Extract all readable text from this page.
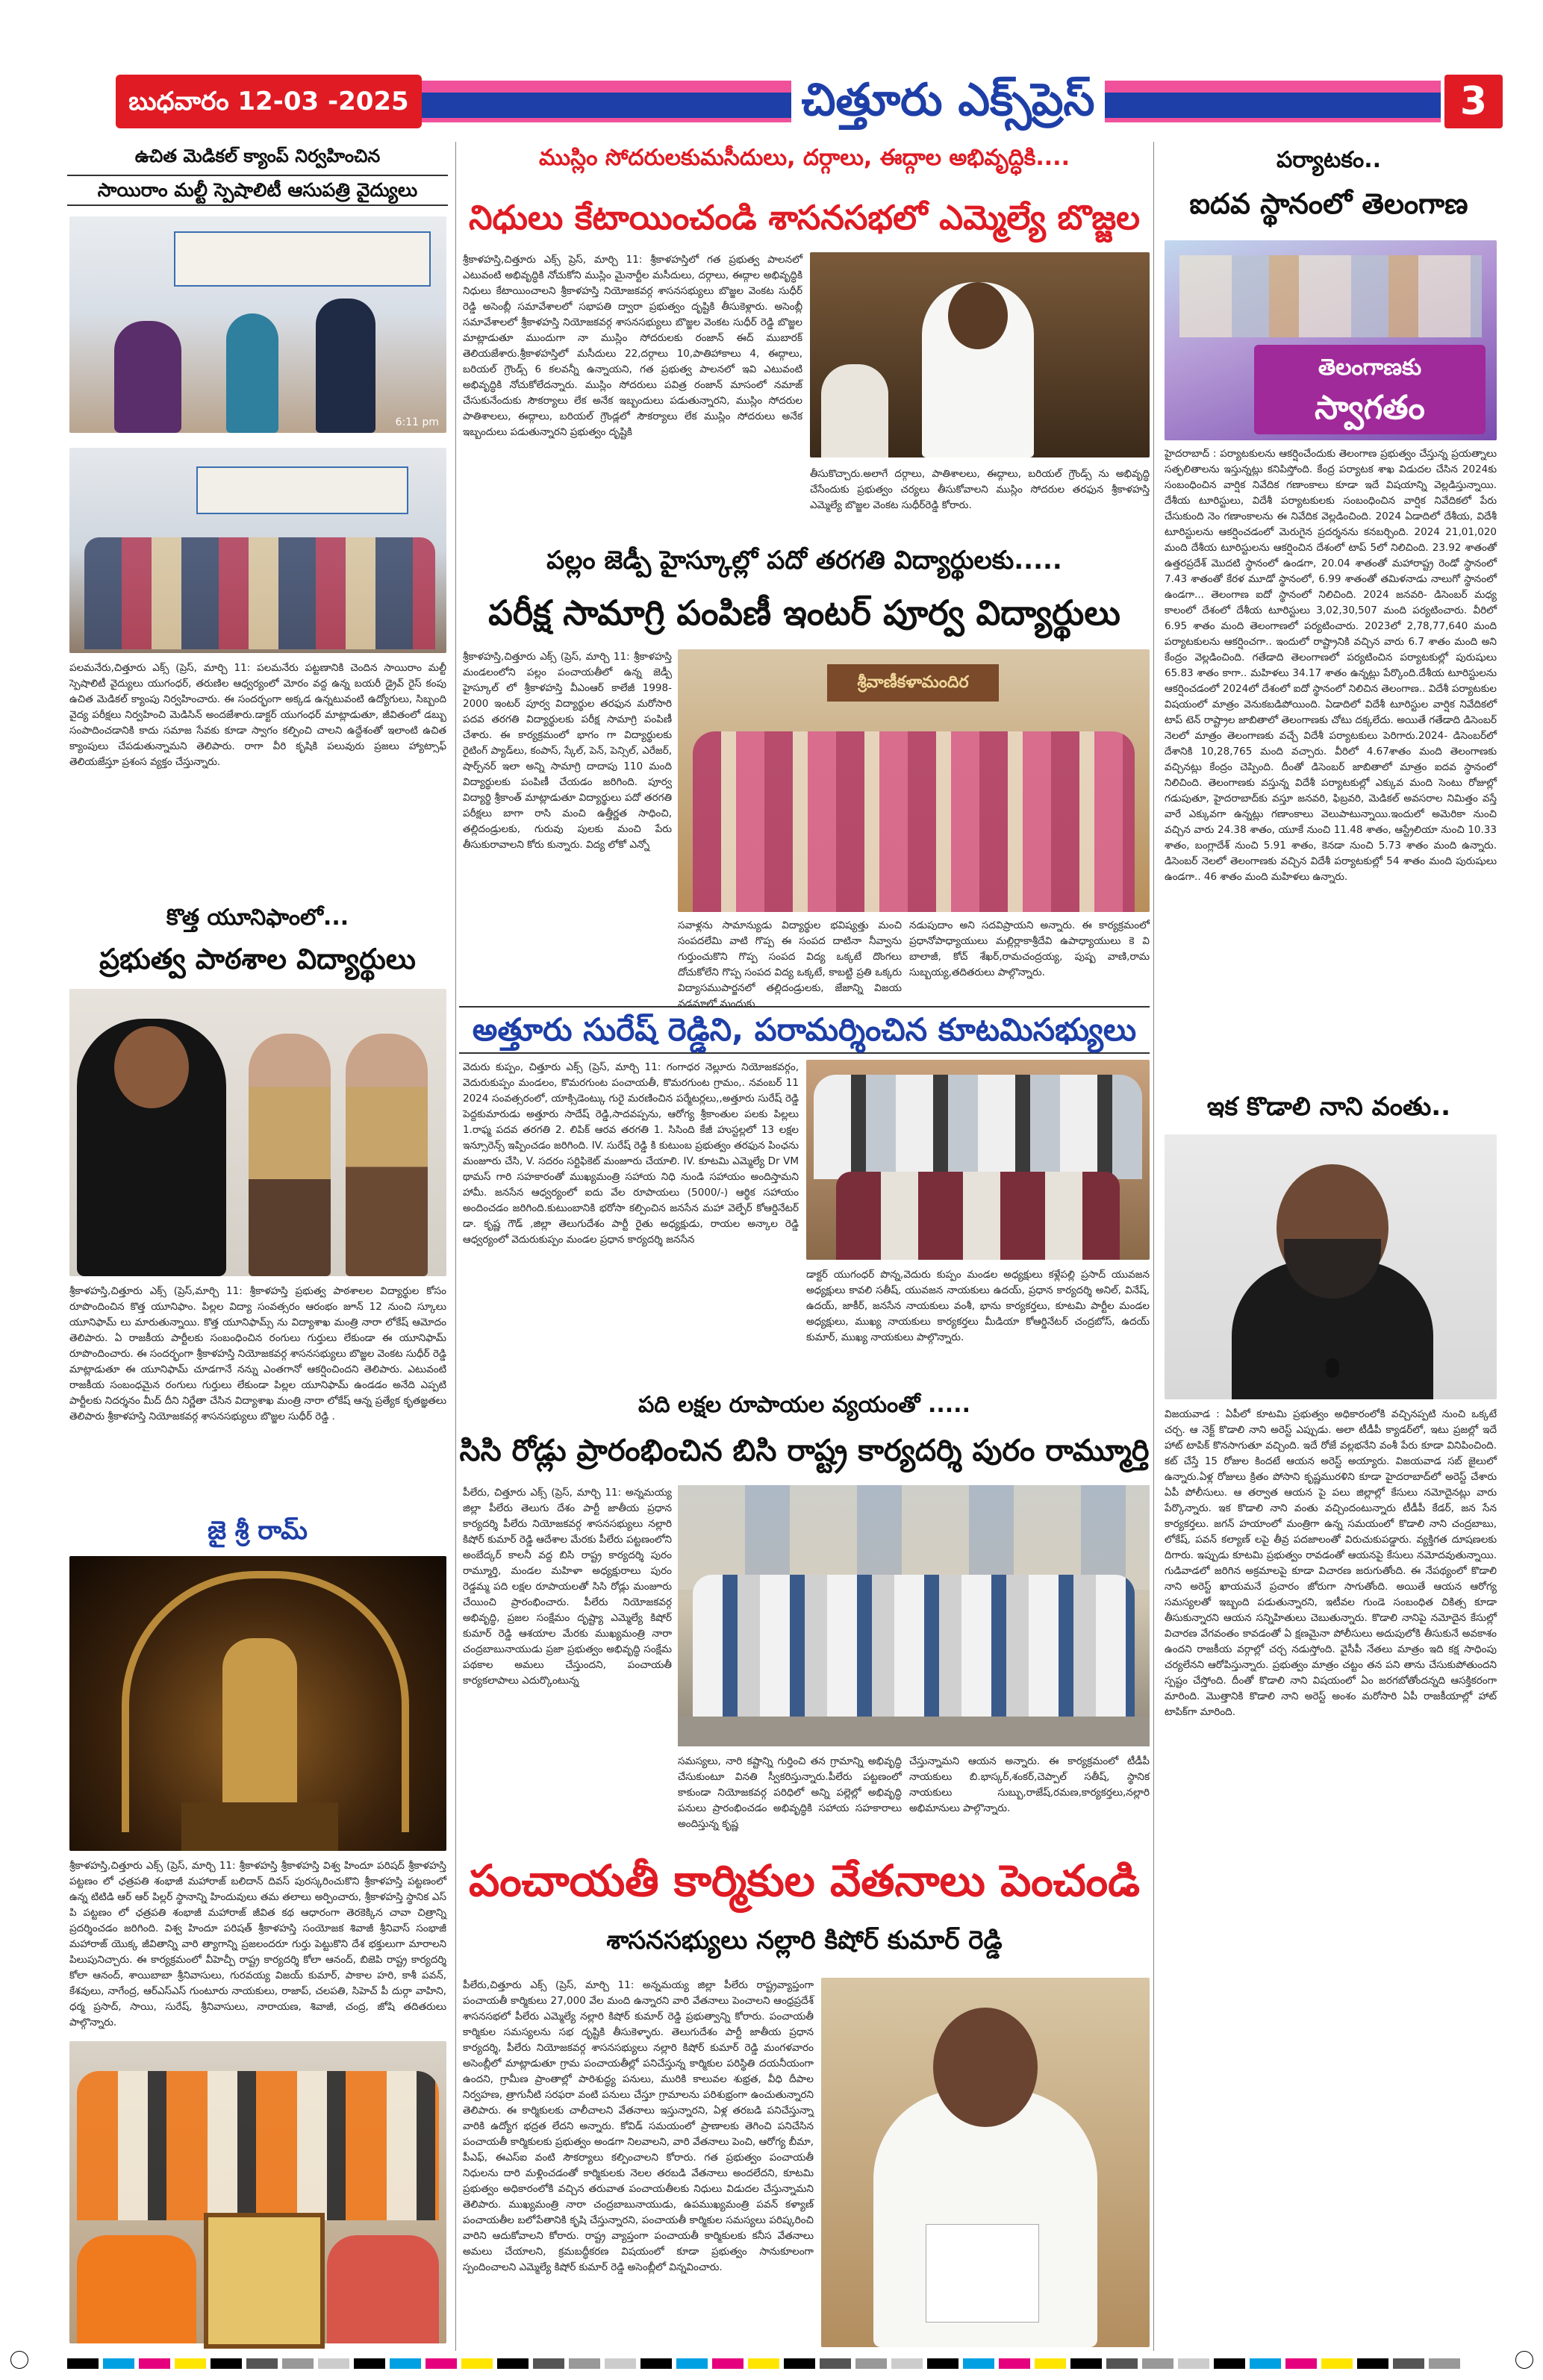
బుధవారం 12-03 -2025	చిత్తూరు ఎక్స్‌ప్రెస్	3
ఉచిత మెడికల్ క్యాంప్ నిర్వహించిన
సాయిరాం మల్టీ స్పెషాలిటీ ఆసుపత్రి వైద్యులు
6:11 pm
పలమనేరు,చిత్తూరు ఎక్స్ (ప్రెస్, మార్చి 11: పలమనేరు పట్టణానికి చెందిన సాయిరాం మల్టీ స్పెషాలిటీ వైద్యులు యుగంధర్, తరుణిల ఆధ్వర్యంలో మోరం వద్ద ఉన్న బయరీ డ్రైవ్ రైస్ కంపు ఉచిత మెడికల్ క్యాంపు నిర్వహించారు. ఈ సందర్భంగా అక్కడ ఉన్నటువంటి ఉద్యోగులు, సిబ్బంది వైద్య పరీక్షలు నిర్వహించి మెడిసిన్ అందజేశారు.డాక్టర్ యుగంధర్ మాట్లాడుతూ, జీవితంలో డబ్బు సంపాదించడానికి కాదు సమాజ సేవకు కూడా స్వాగం కల్పించి చాలని ఉద్దేశంతో ఇలాంటి ఉచిత క్యాంపులు చేపడుతున్నామని తెలిపారు. రాగా వీరి కృషికి పలువురు ప్రజలు హ్యాట్సాఫ్ తెలియజేస్తూ ప్రశంస వ్యక్తం చేస్తున్నారు.
కొత్త యూనిఫాంలో...
ప్రభుత్వ పాఠశాల విద్యార్థులు
శ్రీకాళహస్తి,చిత్తూరు ఎక్స్ (ప్రెస్,మార్చి 11: శ్రీకాళహస్తి ప్రభుత్వ పాఠశాలల విద్యార్థుల కోసం రూపొందించిన కొత్త యూనిఫాం. పిల్లల విద్యా సంవత్సరం ఆరంభం జూన్ 12 నుంచి స్కూలు యూనిఫామ్ లు మారుతున్నాయి. కొత్త యూనిఫామ్స్ ను విద్యాశాఖ మంత్రి నారా లోకేష్ ఆమోదం తెలిపారు. ఏ రాజకీయ పార్టీలకు సంబంధించిన రంగులు గుర్తులు లేకుండా ఈ యూనిఫామ్ రూపొందించారు. ఈ సందర్భంగా శ్రీకాళహస్తి నియోజకవర్గ శాసనసభ్యులు బొజ్జల వెంకట సుధీర్ రెడ్డి మాట్లాడుతూ ఈ యూనిఫామ్ చూడగానే నన్ను ఎంతగానో ఆకర్షించిందని తెలిపారు. ఎటువంటి రాజకీయ సంబంధమైన రంగులు గుర్తులు లేకుండా పిల్లల యూనిఫామ్ ఉండడం అనేది ఎప్పటి పార్టీలకు నిదర్శనం మీద్ దీని నిర్ణేతా చేసిన విద్యాశాఖ మంత్రి నారా లోకేష్ ఆన్న ప్రత్యేక కృతజ్ఞతలు తెలిపారు శ్రీకాళహస్తి నియోజకవర్గ శాసనసభ్యులు బొజ్జల సుధీర్ రెడ్డి .
జై శ్రీ రామ్
శ్రీకాళహస్తి,చిత్తూరు ఎక్స్ (ప్రెస్, మార్చి 11: శ్రీకాళహస్తి శ్రీకాళహస్తి విశ్వ హిందూ పరిషద్ శ్రీకాళహస్తి పట్టణం లో ఛత్రపతి శంభాజీ మహారాజ్ బలిదాన్ దివస్ పురస్కరించుకొని శ్రీకాళహస్తి పట్టణంలో ఉన్న టిటిడి ఆర్ ఆర్ పిల్లర్ స్థానాన్ని హిందువులు తమ తలాలు అర్పించారు, శ్రీకాళహస్తి స్థానిక ఎస్ పి పట్టణం లో ఛత్రపతి శంభాజీ మహారాజ్ జీవిత కథ ఆధారంగా తెరకెక్కిన చావా చిత్రాన్ని ప్రదర్శించడం జరిగింది. విశ్వ హిందూ పరిషత్ శ్రీకాళహస్తి సంయోజక శివాజీ శ్రీనివాస్ సంభాజీ మహారాజ్ యొక్క జీవితాన్ని వారి త్యాగాన్ని ప్రజలందరూ గుర్తు పెట్టుకొని దేశ భక్తులుగా మారాలని పిలుపునిచ్చారు. ఈ కార్యక్రమంలో వీహెచ్పీ రాష్ట్ర కార్యదర్శి కోలా ఆనంద్, బిజెపి రాష్ట్ర కార్యదర్శి కోలా ఆనంద్, శాయిబాబా శ్రీనివాసులు, గురవయ్య విజయ్ కుమార్, పాకాల హరి, కాశీ పవన్, కేశవులు, నాగేంద్ర, ఆర్ఎస్ఎస్ గుంటూరు నాయకులు, రాజాప్, చలపతి, సిహెచ్ పీ దుర్గా వాహిని, ధర్మ ప్రసాద్, సాయి, సురేష్, శ్రీనివాసులు, నారాయణ, శివాజీ, చంద్ర, జోషి తదితరులు పాల్గొన్నారు.
ముస్లిం సోదరులకుమసీదులు, దర్గాలు, ఈద్గాల అభివృద్ధికి....
నిధులు కేటాయించండి శాసనసభలో ఎమ్మెల్యే బొజ్జల
శ్రీకాళహస్తి,చిత్తూరు ఎక్స్ ప్రెస్, మార్చి 11: శ్రీకాళహస్తిలో గత ప్రభుత్వ పాలనలో ఎటువంటి అభివృద్ధికి నోచుకోని ముస్లిం మైనార్టీల మసీదులు, దర్గాలు, ఈద్గాల అభివృద్ధికి నిధులు కేటాయించాలని శ్రీకాళహస్తి నియోజకవర్గ శాసనసభ్యులు బొజ్జల వెంకట సుధీర్ రెడ్డి అసెంబ్లీ సమావేశాలలో సభాపతి ద్వారా ప్రభుత్వం దృష్టికి తీసుకెళ్లారు. అసెంబ్లీ సమావేశాలలో శ్రీకాళహస్తి నియోజకవర్గ శాసనసభ్యులు బొజ్జల వెంకట సుధీర్ రెడ్డి బొజ్జల మాట్లాడుతూ ముందుగా నా ముస్లిం సోదరులకు రంజాన్ ఈద్ ముబారక్ తెలియజేశారు.శ్రీకాళహస్తిలో మసీదులు 22,దర్గాలు 10,పాతిహాకాలు 4, ఈద్గాలు, బరియల్ గ్రౌండ్స్ 6 కలవన్నీ ఉన్నాయని, గత ప్రభుత్వ పాలనలో ఇవి ఎటువంటి అభివృద్ధికి నోచుకోలేదన్నారు. ముస్లిం సోదరులు పవిత్ర రంజాన్ మాసంలో నమాజ్ చేసుకునేందుకు సౌకర్యాలు లేక అనేక ఇబ్బందులు పడుతున్నారని, ముస్లిం సోదరుల పాతిశాలలు, ఈద్గాలు, బరియల్ గ్రౌండ్లలో సౌకర్యాలు లేక ముస్లిం సోదరులు అనేక ఇబ్బందులు పడుతున్నారని ప్రభుత్వం దృష్టికి
తీసుకొచ్చారు.అలాగే దర్గాలు, పాతిశాలలు, ఈద్గాలు, బరియల్ గ్రౌండ్స్ ను అభివృద్ధి చేసేందుకు ప్రభుత్వం చర్యలు తీసుకోవాలని ముస్లిం సోదరుల తరఫున శ్రీకాళహస్తి ఎమ్మెల్యే బొజ్జల వెంకట సుధీర్‌రెడ్డి కోరారు.
పల్లం జెడ్పీ హైస్కూల్లో పదో తరగతి విద్యార్థులకు.....
పరీక్ష సామాగ్రి పంపిణీ ఇంటర్ పూర్వ విద్యార్థులు
శ్రీకాళహస్తి,చిత్తూరు ఎక్స్ (ప్రెస్, మార్చి 11: శ్రీకాళహస్తి మండలంలోని పల్లం పంచాయతీలో ఉన్న జెడ్పీ హైస్కూల్ లో శ్రీకాళహస్తి వీఎంఆర్ కాలేజీ 1998-2000 ఇంటర్ పూర్వ విద్యార్థుల తరఫున మరోసారి పదవ తరగతి విద్యార్థులకు పరీక్ష సామాగ్రి పంపిణీ చేశారు. ఈ కార్యక్రమంలో భాగం గా విద్యార్థులకు రైటింగ్ ప్యాడ్‌లు, కంపాస్, స్కేల్, పెన్, పెన్సిల్, ఎరేజర్, షార్ప్‌నర్ ఇలా అన్ని సామాగ్రి దాదాపు 110 మంది విద్యార్థులకు పంపిణీ చేయడం జరిగింది. పూర్వ విద్యార్థి శ్రీకాంత్ మాట్లాడుతూ విద్యార్థులు పదో తరగతి పరీక్షలు బాగా రాసి మంచి ఉత్తీర్ణత సాధించి, తల్లిదండ్రులకు, గురువు పులకు మంచి పేరు తీసుకురావాలని కోరు కున్నారు. విద్య లోకో ఎన్నో
శ్రీవాణీకళామందిర
సవాళ్లను సామాన్యుడు విద్యార్థుల భవిష్యత్తు మంచి సంపదలేమి వాటి గొప్ప ఈ సంపద దాటినా నీవ్వాను గుర్తుంచుకొని గొప్ప సంపద విద్య ఒక్కటే దొంగలు దోచుకోలేని గొప్ప సంపద విద్య ఒక్కటే, కాబట్టి ప్రతి ఒక్కరు విద్యాసముపార్జనలో తల్లిదండ్రులకు, జేజాన్ని విజయ వడమాలో మందుకు
నడుపుదాం అని సదవిప్రాయని అన్నారు. ఈ కార్యక్రమంలో ప్రధానోపాధ్యాయులు మల్లిర్లాకాశ్రీదేవి ఉపాధ్యాయులు కె వి బాలాజీ, కోచ్ శేఖర్,రామచంద్రయ్య, పుష్ప వాణి,రామ సుబ్బయ్య,తదితరులు పాల్గొన్నారు.
అత్తూరు సురేష్ రెడ్డిని, పరామర్శించిన కూటమిసభ్యులు
వెదురు కుప్పం, చిత్తూరు ఎక్స్ (ప్రెస్, మార్చి 11: గంగాధర నెల్లూరు నియోజకవర్గం, వెదురుకుప్పం మండలం, కొమరగుంట పంచాయతీ, కొమరగుంట గ్రామం,. నవంబర్ 11 2024 సంవత్సరంలో, యాక్సిడెంట్కు గురై మరణించిన పర్మేటర్లలు,,అత్తూరు సురేష్ రెడ్డి పెద్దకుమారుడు అత్తూరు సాదేష్ రెడ్డి,సాదవప్పను, ఆరోగ్య శ్రీకాంతుల పలకు పిల్లలు 1.రాఫ్మ పదవ తరగతి 2. లిపిక్ ఆరవ తరగతి 1. సిసింది కేజీ హుస్టల్లలో 13 లక్షల ఇన్సూరెన్స్ ఇప్పించడం జరిగింది. IV. సురేష్ రెడ్డి కి కుటుంబ ప్రభుత్వం తరఫున పింఛను మంజూరు చేసి, V. సదరం సర్టిఫికెట్ మంజూరు చేయాలి. IV. కూటమి ఎమ్మెల్యే Dr VM థామస్ గారి సహకారంతో ముఖ్యమంత్రి సహాయ నిధి నుండి సహాయం అందిస్తామని హామీ. జనసేన ఆధ్వర్యంలో ఐదు వేల రూపాయలు (5000/-) ఆర్థిక సహాయం అందించడం జరిగింది.కుటుంబానికి భరోసా కల్పించిన జనసేన మహా వెల్ఫేర్ కోఆర్డినేటర్ డా. కృష్ణ గౌడ్ ,జిల్లా తెలుగుదేశం పార్టీ రైతు అధ్యక్షుడు, రాయల అన్కాల రెడ్డి ఆధ్వర్యంలో వెదురుకుప్పం మండల ప్రధాన కార్యదర్శి జనసేన
డాక్టర్ యుగంధర్ పొన్న,వెదురు కుప్పం మండల అధ్యక్షులు కళ్లేపల్లి ప్రసాద్ యువజన అధ్యక్షులు కావలి సతీష్, యువజన నాయకులు ఉదయ్, ప్రధాన కార్యదర్శి అనిల్, వినేష్, ఉదయ్, జాకీర్, జనసేన నాయకులు వంశీ, భాను కార్యకర్తలు, కూటమి పార్టీల మండల అధ్యక్షులు, ముఖ్య నాయకులు కార్యకర్తలు మీడియా కోఆర్డినేటర్ చంద్రబోస్, ఉదయ్ కుమార్, ముఖ్య నాయకులు పాల్గొన్నారు.
పది లక్షల రూపాయల వ్యయంతో .....
సిసి రోడ్లు ప్రారంభించిన బిసి రాష్ట్ర కార్యదర్శి పురం రామ్మూర్తి
పీలేరు, చిత్తూరు ఎక్స్ (ప్రెస్, మార్చి 11: అన్నమయ్య జిల్లా పీలేరు తెలుగు దేశం పార్టీ జాతీయ ప్రధాన కార్యదర్శి పీలేరు నియోజకవర్గ శాసనసభ్యులు నల్లారి కిషోర్ కుమార్ రెడ్డి ఆదేశాల మేరకు పీలేరు పట్టణంలోని అంబేద్కర్ కాలనీ వద్ద బిసి రాష్ట్ర కార్యదర్శి పురం రామ్మూర్తి, మండల మహిళా అధ్యక్షురాలు పురం రెడ్డమ్మ పది లక్షల రూపాయలతో సిసి రోడ్లు మంజూరు చేయించి ప్రారంభించారు. పీలేరు నియోజకవర్గ అభివృద్ధి, ప్రజల సంక్షేమం దృష్ట్యా ఎమ్మెల్యే కిషోర్ కుమార్ రెడ్డి ఆశయాల మేరకు ముఖ్యమంత్రి నారా చంద్రబాబునాయుడు ప్రజా ప్రభుత్వం అభివృద్ధి సంక్షేమ పథకాల అమలు చేస్తుందని, పంచాయతీ కార్యకలాపాలు ఎదుర్కొంటున్న
సమస్యలు, నారి కష్టాన్ని గుర్తించి తన గ్రామాన్ని అభివృద్ధి చేసుకుంటూ వినతి స్వీకరిస్తున్నారు.పీలేరు పట్టణంలో కాకుండా నియోజకవర్గ పరిధిలో అన్ని పల్లెల్లో అభివృద్ధి పనులు ప్రారంభించడం అభివృద్ధికి సహాయ సహకారాలు అందిస్తున్న కృష్ణ
చేస్తున్నామని ఆయన అన్నారు. ఈ కార్యక్రమంలో టీడీపీ నాయకులు బి.భాస్కర్,శంకర్,చెప్పాల్ సతీష్, స్థానిక నాయకులు సుబ్బు,రాజేష్,రమణ,కార్యకర్తలు,నల్లారి అభిమానులు పాల్గొన్నారు.
పంచాయతీ కార్మికుల వేతనాలు పెంచండి
శాసనసభ్యులు నల్లారి కిషోర్ కుమార్ రెడ్డి
పీలేరు,చిత్తూరు ఎక్స్ (ప్రెస్, మార్చి 11: అన్నమయ్య జిల్లా పీలేరు రాష్ట్రవ్యాప్తంగా పంచాయతీ కార్మికులు 27,000 వేల మంది ఉన్నారని వారి వేతనాలు పెంచాలని ఆంధ్రప్రదేశ్ శాసనసభలో పీలేరు ఎమ్మెల్యే నల్లారి కిషోర్ కుమార్ రెడ్డి ప్రభుత్వాన్ని కోరారు. పంచాయతీ కార్మికుల సమస్యలను సభ దృష్టికి తీసుకెళ్ళారు. తెలుగుదేశం పార్టీ జాతీయ ప్రధాన కార్యదర్శి, పీలేరు నియోజకవర్గ శాసనసభ్యులు నల్లారి కిషోర్ కుమార్ రెడ్డి మంగళవారం అసెంబ్లీలో మాట్లాడుతూ గ్రామ పంచాయతీల్లో పనిచేస్తున్న కార్మికుల పరిస్థితి దయనీయంగా ఉందని, గ్రామీణ ప్రాంతాల్లో పారిశుద్ధ్య పనులు, మురికి కాలువల శుభ్రత, వీధి దీపాల నిర్వహణ, త్రాగునీటి సరఫరా వంటి పనులు చేస్తూ గ్రామాలను పరిశుభ్రంగా ఉంచుతున్నారని తెలిపారు. ఈ కార్మికులకు చాలీచాలని వేతనాలు ఇస్తున్నారని, ఏళ్ల తరబడి పనిచేస్తున్నా వారికి ఉద్యోగ భద్రత లేదని అన్నారు. కోవిడ్ సమయంలో ప్రాణాలకు తెగించి పనిచేసిన పంచాయతీ కార్మికులకు ప్రభుత్వం అండగా నిలవాలని, వారి వేతనాలు పెంచి, ఆరోగ్య బీమా, పీఎఫ్, ఈఎస్ఐ వంటి సౌకర్యాలు కల్పించాలని కోరారు. గత ప్రభుత్వం పంచాయతీ నిధులను దారి మళ్లించడంతో కార్మికులకు నెలల తరబడి వేతనాలు అందలేదని, కూటమి ప్రభుత్వం అధికారంలోకి వచ్చిన తరువాత పంచాయతీలకు నిధులు విడుదల చేస్తున్నామని తెలిపారు. ముఖ్యమంత్రి నారా చంద్రబాబునాయుడు, ఉపముఖ్యమంత్రి పవన్ కళ్యాణ్ పంచాయతీల బలోపేతానికి కృషి చేస్తున్నారని, పంచాయతీ కార్మికుల సమస్యలు పరిష్కరించి వారిని ఆదుకోవాలని కోరారు. రాష్ట్ర వ్యాప్తంగా పంచాయతీ కార్మికులకు కనీస వేతనాలు అమలు చేయాలని, క్రమబద్ధీకరణ విషయంలో కూడా ప్రభుత్వం సానుకూలంగా స్పందించాలని ఎమ్మెల్యే కిషోర్ కుమార్ రెడ్డి అసెంబ్లీలో విన్నవించారు.
పర్యాటకం..
ఐదవ స్థానంలో తెలంగాణ
తెలంగాణకు
స్వాగతం
హైదరాబాద్ : పర్యాటకులను ఆకర్షించేందుకు తెలంగాణ ప్రభుత్వం చేస్తున్న ప్రయత్నాలు సత్ఫలితాలను ఇస్తున్నట్లు కనిపిస్తోంది. కేంద్ర పర్యాటక శాఖ విడుదల చేసిన 2024కు సంబంధించిన వార్షిక నివేదిక గణాంకాలు కూడా ఇదే విషయాన్ని వెల్లడిస్తున్నాయి. దేశీయ టూరిస్టులు, విదేశీ పర్యాటకులకు సంబంధించిన వార్షిక నివేదికలో పేరు చేసుకుంది నెం గణాంకాలను ఈ నివేదిక వెల్లడించింది. 2024 ఏడాదిలో దేశీయ, విదేశీ టూరిస్టులను ఆకర్షించడంలో మెరుగైన ప్రదర్శనను కనబర్చింది. 2024 21,01,020 మంది దేశీయ టూరిస్టులను ఆకర్షించిన దేశంలో టాప్‌ 5లో నిలిచింది. 23.92 శాతంతో ఉత్తరప్రదేశ్ మొదటి స్థానంలో ఉండగా, 20.04 శాతంతో మహారాష్ట్ర రెండో స్థానంలో 7.43 శాతంతో కేరళ మూడో స్థానంలో, 6.99 శాతంతో తమిళనాడు నాలుగో స్థానంలో ఉండగా... తెలంగాణ ఐదో స్థానంలో నిలిచింది. 2024 జనవరి- డిసెంబర్ మధ్య కాలంలో దేశంలో దేశీయ టూరిస్టులు 3,02,30,507 మంది పర్యటించారు. వీరిలో 6.95 శాతం మంది తెలంగాణలో పర్యటించారు. 2023లో 2,78,77,640 మంది పర్యాటకులను ఆకర్షించగా.. ఇందులో రాష్ట్రానికి వచ్చిన వారు 6.7 శాతం మంది అని కేంద్రం వెల్లడించింది. గతేడాది తెలంగాణలో పర్యటించిన పర్యాటకుల్లో పురుషులు 65.83 శాతం కాగా.. మహిళలు 34.17 శాతం ఉన్నట్లు పేర్కొంది.దేశీయ టూరిస్టులను ఆకర్షించడంలో 2024లో దేశంలో ఐదో స్థానంలో నిలిచిన తెలంగాణ.. విదేశీ పర్యాటకుల విషయంలో మాత్రం వెనుకబడిపోయింది. ఏడాదిలో విదేశీ టూరిస్టుల వార్షిక నివేదికలో టాప్ టెన్ రాష్ట్రాల జాబితాలో తెలంగాణకు చోటు దక్కలేదు. అయితే గతేడాది డిసెంబర్ నెలలో మాత్రం తెలంగాణకు వచ్చే విదేశీ పర్యాటకులు పెరిగారు.2024- డిసెంబర్‌లో దేశానికి 10,28,765 మంది వచ్చారు. వీరిలో 4.67శాతం మంది తెలంగాణకు వచ్చినట్లు కేంద్రం చెప్పింది. దీంతో డిసెంబర్ జాబితాలో మాత్రం ఐదవ స్థానంలో నిలిచింది. తెలంగాణకు వస్తున్న విదేశీ పర్యాటకుల్లో ఎక్కువ మంది సెంటు రోజుల్లో గడుపుతూ, హైదరాబాద్‌కు వస్తూ జనవరి, ఫిబ్రవరి, మెడికల్ అవసరాల నిమిత్తం వస్తే వారే ఎక్కువగా ఉన్నట్లు గణాంకాలు వెలుపాటున్నాయి.ఇందులో అమెరికా నుంచి వచ్చిన వారు 24.38 శాతం, యూకే నుంచి 11.48 శాతం, ఆస్ట్రేలియా నుంచి 10.33 శాతం, బంగ్లాదేశ్ నుంచి 5.91 శాతం, కెనడా నుంచి 5.73 శాతం మంది ఉన్నారు. డిసెంబర్ నెలలో తెలంగాణకు వచ్చిన విదేశీ పర్యాటకుల్లో 54 శాతం మంది పురుషులు ఉండగా.. 46 శాతం మంది మహిళలు ఉన్నారు.
ఇక కొడాలి నాని వంతు..
విజయవాడ : ఏపీలో కూటమి ప్రభుత్వం అధికారంలోకి వచ్చినప్పటి నుంచి ఒక్కటే చర్చ. ఆ నెక్ట్ కొడాలి నాని అరెస్ట్ ఎప్పుడు. అలా టీడీపీ క్యాడర్‌లో, ఇటు ప్రజల్లో ఇదే హాట్ టాపిక్ కొనసాగుతూ వచ్చింది. ఇదే రోజే వల్లభనేని వంశీ పేరు కూడా వినిపించింది. కట్ చేస్తే 15 రోజుల కిందటే ఆయన అరెస్ట్ అయ్యారు. విజయవాడ సబ్ జైలులో ఉన్నారు.ఏళ్ల రోజులు క్రితం పోసాని కృష్ణమురళిని కూడా హైదరాబాద్‌లో అరెస్ట్ చేశారు ఏపీ పోలీసులు. ఆ తర్వాత ఆయన పై పలు జిల్లాల్లో కేసులు నమోదైనట్లు వారు పేర్కొన్నారు. ఇక కొడాలి నాని వంతు వచ్చిందంటున్నారు టీడీపీ కేడర్, జన సేన కార్యకర్తలు. జగన్ హయాంలో మంత్రిగా ఉన్న సమయంలో కొడాలి నాని చంద్రబాబు, లోకేష్, పవన్ కల్యాణ్ లపై తీవ్ర పదజాలంతో విరుచుకుపడ్డారు. వ్యక్తిగత దూషణలకు దిగారు. ఇప్పుడు కూటమి ప్రభుత్వం రావడంతో ఆయనపై కేసులు నమోదవుతున్నాయి. గుడివాడలో జరిగిన అక్రమాలపై కూడా విచారణ జరుగుతోంది. ఈ నేపథ్యంలో కొడాలి నాని అరెస్ట్ ఖాయమనే ప్రచారం జోరుగా సాగుతోంది. అయితే ఆయన ఆరోగ్య సమస్యలతో ఇబ్బంది పడుతున్నారని, ఇటీవల గుండె సంబంధిత చికిత్స కూడా తీసుకున్నారని ఆయన సన్నిహితులు చెబుతున్నారు. కొడాలి నానిపై నమోదైన కేసుల్లో విచారణ వేగవంతం కావడంతో ఏ క్షణమైనా పోలీసులు అదుపులోకి తీసుకునే అవకాశం ఉందని రాజకీయ వర్గాల్లో చర్చ నడుస్తోంది. వైసీపీ నేతలు మాత్రం ఇది కక్ష సాధింపు చర్యలేనని ఆరోపిస్తున్నారు. ప్రభుత్వం మాత్రం చట్టం తన పని తాను చేసుకుపోతుందని స్పష్టం చేస్తోంది. దీంతో కొడాలి నాని విషయంలో ఏం జరగబోతోందన్నది ఆసక్తికరంగా మారింది. మొత్తానికి కొడాలి నాని అరెస్ట్ అంశం మరోసారి ఏపీ రాజకీయాల్లో హాట్ టాపిక్‌గా మారింది.
